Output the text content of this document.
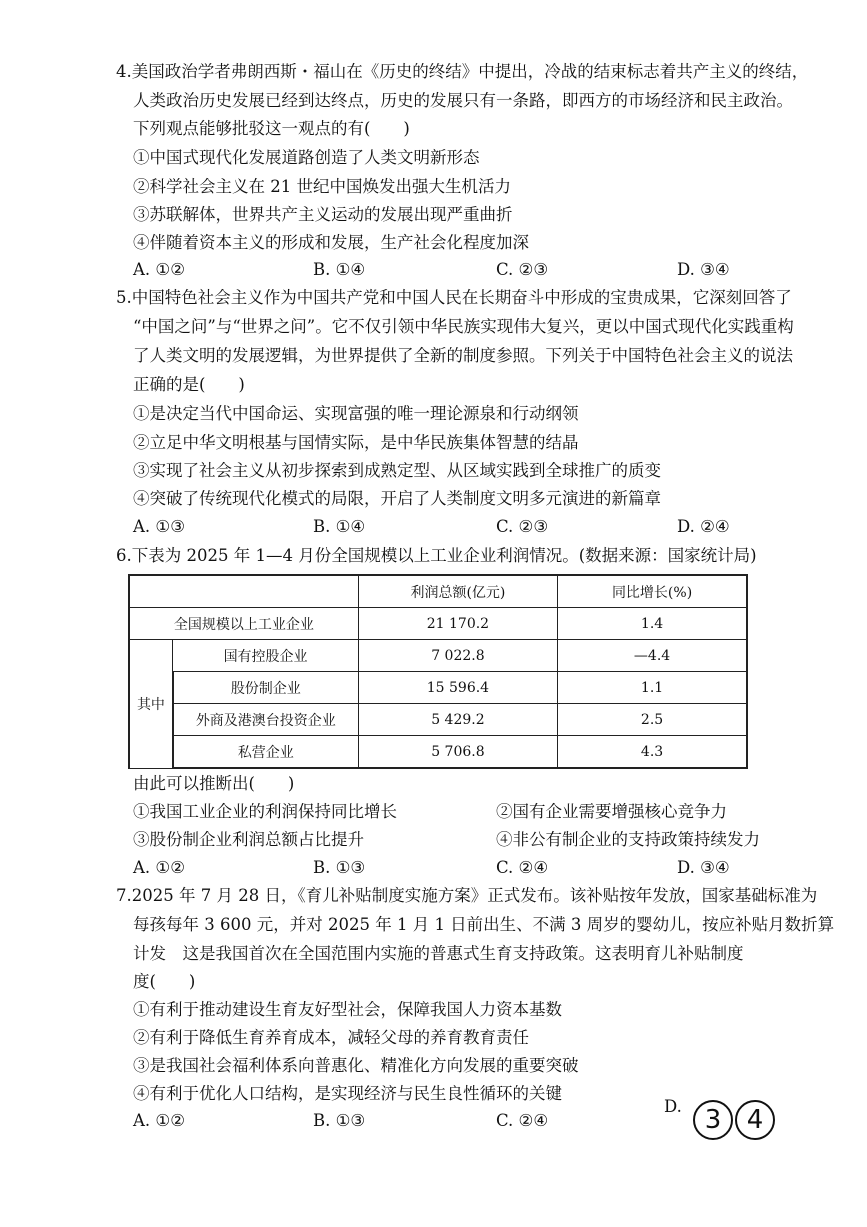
4.美国政治学者弗朗西斯・福山在《历史的终结》中提出，冷战的结束标志着共产主义的终结，
人类政治历史发展已经到达终点，历史的发展只有一条路，即西方的市场经济和民主政治。
下列观点能够批驳这一观点的有(　　)
①中国式现代化发展道路创造了人类文明新形态
②科学社会主义在 21 世纪中国焕发出强大生机活力
③苏联解体，世界共产主义运动的发展出现严重曲折
④伴随着资本主义的形成和发展，生产社会化程度加深
A. ①②	B. ①④	C. ②③	D. ③④
5.中国特色社会主义作为中国共产党和中国人民在长期奋斗中形成的宝贵成果，它深刻回答了
“中国之问”与“世界之问”。它不仅引领中华民族实现伟大复兴，更以中国式现代化实践重构
了人类文明的发展逻辑，为世界提供了全新的制度参照。下列关于中国特色社会主义的说法
正确的是(　　)
①是决定当代中国命运、实现富强的唯一理论源泉和行动纲领
②立足中华文明根基与国情实际，是中华民族集体智慧的结晶
③实现了社会主义从初步探索到成熟定型、从区域实践到全球推广的质变
④突破了传统现代化模式的局限，开启了人类制度文明多元演进的新篇章
A. ①③	B. ①④	C. ②③	D. ②④
6.下表为 2025 年 1—4 月份全国规模以上工业企业利润情况。(数据来源：国家统计局)
		利润总额(亿元)	同比增长(%)
全国规模以上工业企业		21 170.2	1.4
其中	国有控股企业	7 022.8	—4.4
	股份制企业	15 596.4	1.1
	外商及港澳台投资企业	5 429.2	2.5
	私营企业	5 706.8	4.3
由此可以推断出(　　)
①我国工业企业的利润保持同比增长	②国有企业需要增强核心竞争力
③股份制企业利润总额占比提升	④非公有制企业的支持政策持续发力
A. ①②	B. ①③	C. ②④	D. ③④
7.2025 年 7 月 28 日，《育儿补贴制度实施方案》正式发布。该补贴按年发放，国家基础标准为
每孩每年 3 600 元，并对 2025 年 1 月 1 日前出生、不满 3 周岁的婴幼儿，按应补贴月数折算
计发　这是我国首次在全国范围内实施的普惠式生育支持政策。这表明育儿补贴制度
度(　　)
①有利于推动建设生育友好型社会，保障我国人力资本基数
②有利于降低生育养育成本，减轻父母的养育教育责任
③是我国社会福利体系向普惠化、精准化方向发展的重要突破
④有利于优化人口结构，是实现经济与民生良性循环的关键
A. ①②	B. ①③	C. ②④
D. 3 4
